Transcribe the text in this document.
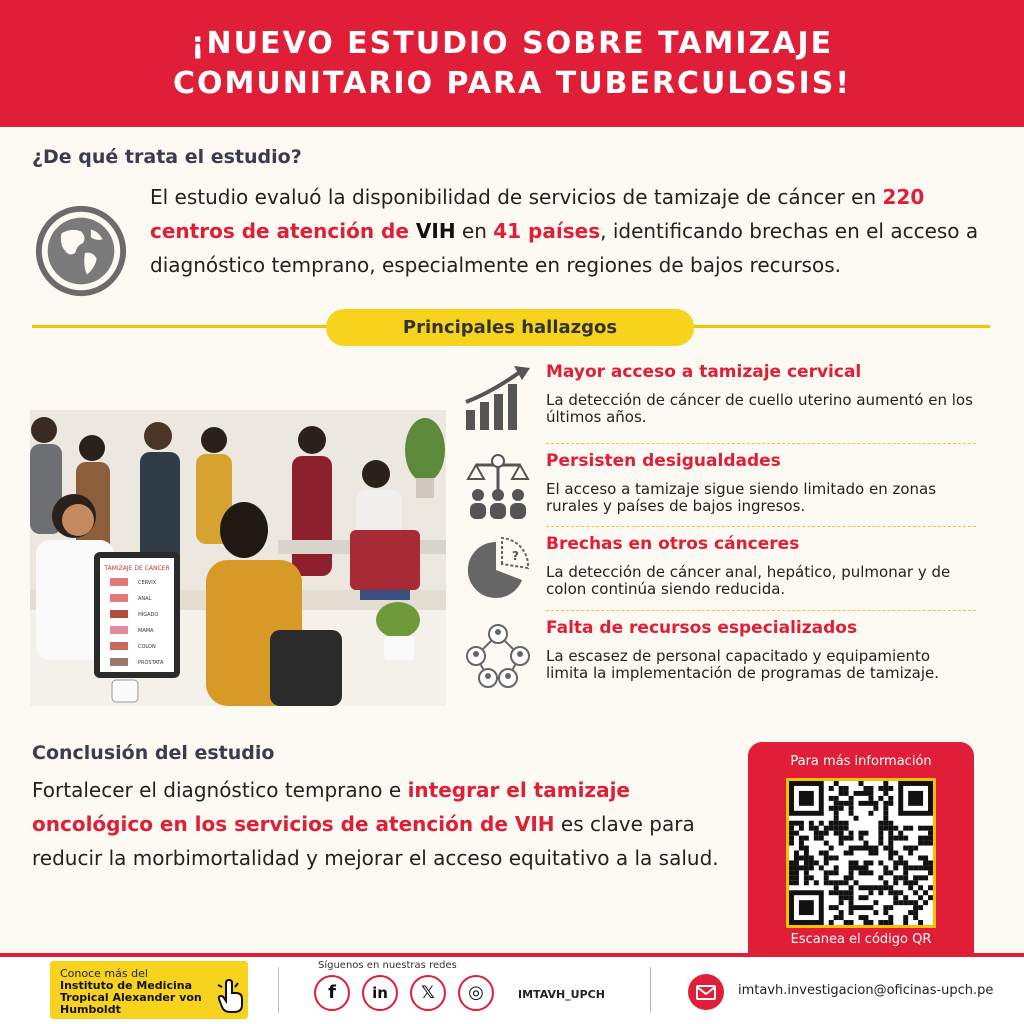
¡NUEVO ESTUDIO SOBRE TAMIZAJE
COMUNITARIO PARA TUBERCULOSIS!
¿De qué trata el estudio?
El estudio evaluó la disponibilidad de servicios de tamizaje de cáncer en 220 centros de atención de VIH en 41 países, identificando brechas en el acceso a diagnóstico temprano, especialmente en regiones de bajos recursos.
Principales hallazgos
TAMIZAJE DE CÁNCER
CERVIX
ANAL
HÍGADO
MAMA
COLON
PRÓSTATA
Mayor acceso a tamizaje cervical
La detección de cáncer de cuello uterino aumentó en los últimos años.
Persisten desigualdades
El acceso a tamizaje sigue siendo limitado en zonas rurales y países de bajos ingresos.
?
Brechas en otros cánceres
La detección de cáncer anal, hepático, pulmonar y de colon continúa siendo reducida.
Falta de recursos especializados
La escasez de personal capacitado y equipamiento limita la implementación de programas de tamizaje.
Conclusión del estudio
Fortalecer el diagnóstico temprano e integrar el tamizaje oncológico en los servicios de atención de VIH es clave para reducir la morbimortalidad y mejorar el acceso equitativo a la salud.
Para más información
Escanea el código QR
Conoce más del
Instituto de Medicina Tropical Alexander von Humboldt
Síguenos en nuestras redes
f	in	𝕏	◎	IMTAVH_UPCH	imtavh.investigacion@oficinas-upch.pe
